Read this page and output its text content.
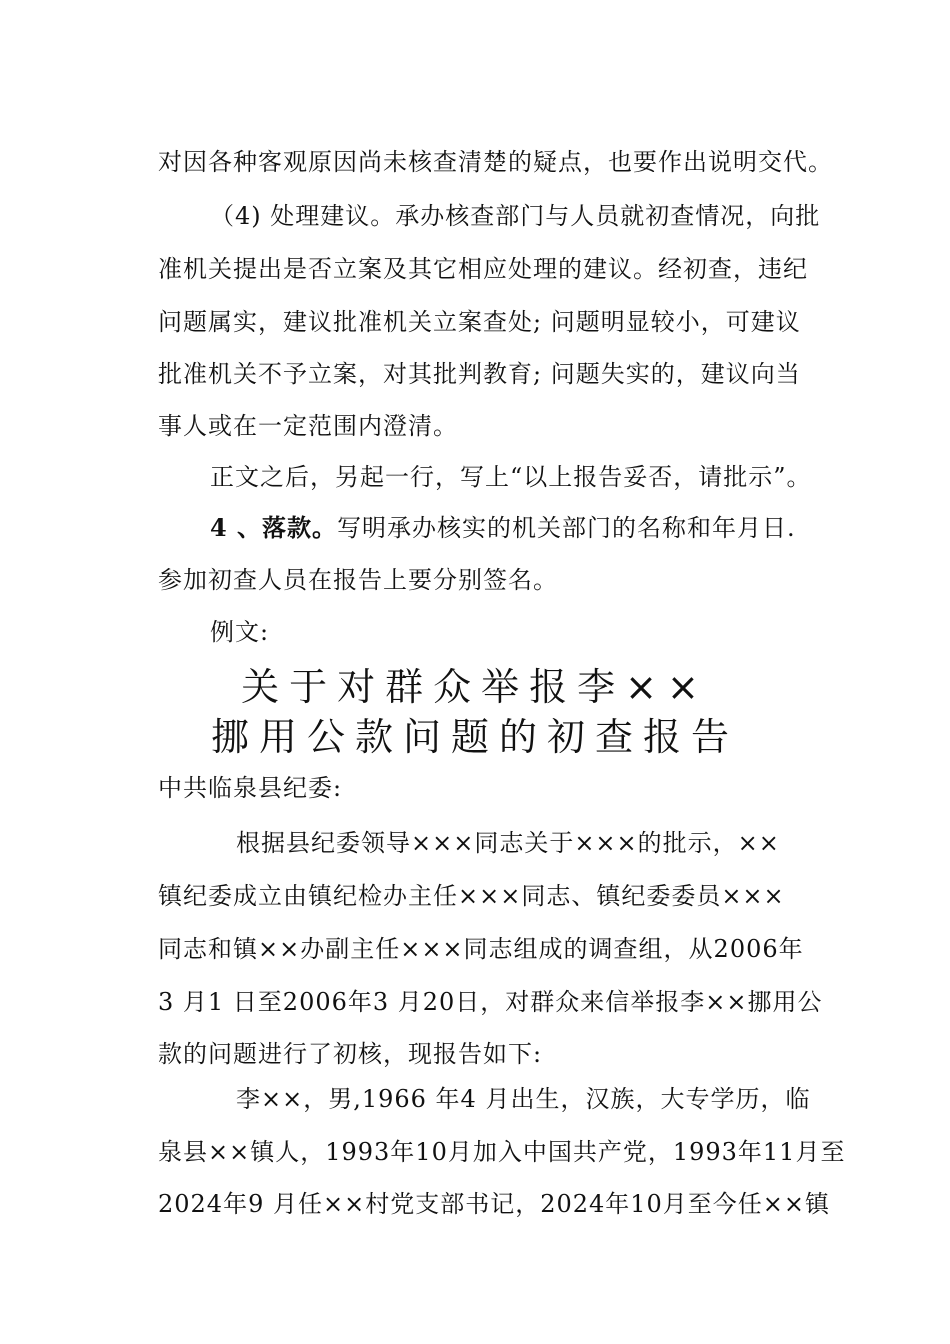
对因各种客观原因尚未核查清楚的疑点，也要作出说明交代。
（4) 处理建议。承办核查部门与人员就初查情况，向批
准机关提出是否立案及其它相应处理的建议。经初查，违纪
问题属实，建议批准机关立案查处; 问题明显较小，可建议
批准机关不予立案，对其批判教育; 问题失实的，建议向当
事人或在一定范围内澄清。
正文之后，另起一行，写上“以上报告妥否，请批示”。
4 、落款。写明承办核实的机关部门的名称和年月日.
参加初查人员在报告上要分别签名。
例文:
关于对群众举报李××
挪用公款问题的初查报告
中共临泉县纪委:
根据县纪委领导×××同志关于×××的批示，××
镇纪委成立由镇纪检办主任×××同志、镇纪委委员×××
同志和镇××办副主任×××同志组成的调查组，从2006年
3 月1 日至2006年3 月20日，对群众来信举报李××挪用公
款的问题进行了初核，现报告如下:
李××，男,1966 年4 月出生，汉族，大专学历，临
泉县××镇人，1993年10月加入中国共产党，1993年11月至
2024年9 月任××村党支部书记，2024年10月至今任××镇
